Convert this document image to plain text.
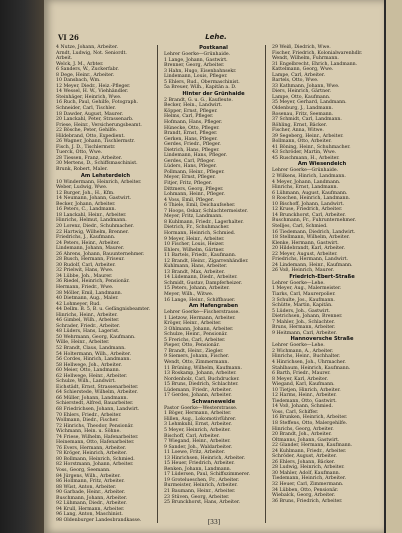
VI 26	Lehe.
4 Nutze, Johann, Arbeiter.
Arndt, Ludwig, Not. Seniordt.
Arbeit.
Welck, J. M., Arbter.
6 Sanders, W., Zuckerfabr.
8 Dege, Heinr., Arbeiter.
10 Dansbach, Wm.
12 Meyer, Diedr., Heiz.-Pfleger.
14 Wessel, H. W., Viehhändler.
Steinhäger, Heinrich, Wwe.
16 Ruch, Paul, Gehilfe, Fotograph.
Schneider, Carl, Tischler.
18 Dawder, August, Maurer.
20 Lanckahl, Peter, Strassenarb.
Friese, Heinr., Versicherungsbeamt.
22 Bösche, Peter, Gehilfe.
Hildebrand, Otto, Expedient.
26 Wagner, Johann, Tischlermstr.
Fisch, J. D., Tischlermstr.
Tuerck, Otto, Wwe.
28 Tiessen, Franz, Arbeiter.
30 Mertens, D., Schiffsmaschinist.
Brunk, Robert, Maler.
Am Lehsterdeich
10 Windermann, Heinrich, Arbeiter.
Weber, Ludwig, Wwe.
12 Burger, Joh., H., Kfm.
14 Neumann, Johann, Gastwirt.
Becker, Johann, Arbeiter.
16 Peters, C., Landmann.
18 Lanckahl, Heinr., Arbeiter.
Hinrichs, Helmut, Landmann.
20 Lorenz, Diedr., Schuhmacher.
22 Hartwig, Wilhelm, Brenner.
Friedrichs, J., Kaufmann.
24 Peters, Heinr., Arbeiter.
Lindemann, Johann, Maurer.
26 Ahrens, Johann, Bauunternehmer.
28 Busch, Hermann, Friseur.
30 Rudolf, Carl, Arbeiter.
32 Prielwit, Hans, Wwe.
34 Lübbe, Joh., Maurer.
36 Riedel, Heinrich, Pensionär.
Hermann, Friedr., Wwe.
38 Möller, Emil, Landmann.
40 Dietmann, Aug., Maler.
42 Lohmeyer, Rud.
44 Dellm. B. 5, B. u. Gefängnisbeamter.
Hinrichs, Heinr., Arbeiter.
46 Gimbel, Wilh., Arbeiter.
Schrader, Friedr., Arbeiter.
48 Lüders, Hans, Lagerist.
50 Wehrmann, Georg, Kaufmann.
Wille, Heinr., Arbeiter.
52 Brandt, Claus, Landmann.
54 Holtermann, Wilh., Arbeiter.
56 Cordes, Hinrich, Landmann.
58 Hellwege, Joh., Arbeiter.
60 Meier, Otto, Landmann.
62 Hellwege, Heinr., Arbeiter.
Schulze, Wilh., Landwirt.
Eichstädt, Ernst, Strassenarbeiter.
64 Schierstede, Wilhelm, Arbeiter.
66 Müller, Johann, Landmann.
Schierstedt, Alfred, Bauarbeiter.
68 Friedrichsen, Johann, Landwirt.
70 Ehlers, Friedr., Arbeiter.
Wollmann, Diedr., Fischer.
72 Hinrichs, Theodor, Pensionär.
Wichmann, Hein. u. Söhne.
74 Friese, Wilhelm, Hafenarbeiter.
Heinemann, Otto, Hafenarbeiter.
76 Evers, Hermann, Arbeiter.
78 Kröger, Heinrich, Arbeiter.
80 Bollmann, Heinrich, Schmied.
82 Horstmann, Johann, Arbeiter.
Voss, Georg, Seemann.
84 Jürgens, Wilh., Arbeiter.
86 Hollmann, Fritz, Arbeiter.
88 Wüst, Anton, Arbeiter.
90 Garbade, Heinr., Arbeiter.
Buschmann, Johann, Arbeiter.
92 Lühmann, Diedr., Arbeiter.
94 Krull, Hermann, Arbeiter.
96 Lang, Anton, Maschinist.
98 Oldenburger Landesbrandkasse.
Postkanal
Lehrer Goerke—Grünhaide.
1 Lange, Johann, Gastwirt.
Brenner, Georg, Arbeiter.
3 Hahn, Hugo, Eisenbahnsekr.
Lindemann, Louis, Pfleger.
5 Ehlers, Rud., Obermaschinist.
5a Breuer, Wilh., Kapitän a. D.
Hinter der Grünhaide
2 Brandt, G. u. G., Kaufleute.
Becker, Hein., Landwirt.
Köpper, Ernst, Pfleger.
Helms, Carl, Pfleger.
Hofmann, Hans, Pfleger.
Hünecke, Otto, Pfleger.
Brandt, Ernst, Pfleger.
Gerken, Hans, Pfleger.
Gerdes, Friedr., Pfleger.
Dietrich, Hans, Pfleger.
Lindemann, Hans, Pfleger.
Gerdes, Carl, Pfleger.
Lüders, Hans, Pfleger.
Pollmann, Heinr., Pfleger.
Meyer, Ernst, Pfleger.
Fitjer, Fritz, Pfleger.
Dittmers, Georg, Pfleger.
Lohmann, Heinr., Pfleger.
4 Voss, Emil, Pfleger.
6 Thiele, Emil, Deichaufseher.
7 Hoops, Oskar, Schlachtermeister.
Meyer, Fritz, Landmann.
8 Kuhlmann, Friedr., Lagerhalter.
Dietrich, Fr., Schuhmacher.
Hormann, Heinrich, Schmied.
9 Meyer, Heinr., Arbeiter.
10 Fischer, Louis, Heizer.
Ehlers, Wilhelm, Gärtner.
11 Bartels, Friedr., Kaufmann.
12 Brandt, Heinr., Zigarrenhändler.
Kuhlmann, Hans, Arbeiter.
13 Brandt, Max, Arbeiter.
14 Lüdemann, Diedr., Arbeiter.
Schmidt, Gustav, Dampferheizer.
15 Peters, Johann, Arbeiter.
Meyer, Wilh., Witwe.
16 Lange, Heinr., Schiffbauer.
Am Hafengraben
Lehrer Goerke—Fischerstrasse.
1 Lietzow, Hermann, Arbeiter.
Kröger, Heinr., Arbeiter.
3 Ohlmann, Johann, Arbeiter.
Schulze, Heinr., Pensionär.
5 Frerichs, Carl, Arbeiter.
Pieper, Otto, Pensionär.
7 Brandt, Heinr., Ziegler.
9 Siemers, Johann, Fischer.
Wendt, Otto, Zimmermann.
11 Brüning, Wilhelm, Kaufmann.
13 Roskamp, Johann, Arbeiter.
Nordenholz, Carl, Buchdrucker.
15 Bruns, Diedrich, Schlachter.
Lüdemann, Friedr., Arbeiter.
17 Gerdes, Johann, Arbeiter.
Schwaneweide
Pastor Goerke—Westerstrasse.
1 Böger, Hermann, Arbeiter.
Hillen, Aug., Lokomotivführer.
3 Lehmkuhl, Ernst, Arbeiter.
5 Meyer, Heinrich, Arbeiter.
Bischoff, Carl, Arbeiter.
7 Wiegand, Heinr., Arbeiter.
9 Sander, Joh., Waldarbeiter.
11 Loewe, Fritz, Arbeiter.
13 Hinrichsen, Heinrich, Arbeiter.
15 Heuer, Friedrich, Arbeiter.
Renken, Johann, Landmann.
17 Lüdersen, Paul, Schiffszimmerer.
19 Grotelueschen, Fr., Arbeiter.
Burmeister, Heinrich, Arbeiter.
21 Baumann, Heinr., Arbeiter.
23 Stüven, Georg, Arbeiter.
25 Brunckhorst, Hans, Arbeiter.
29 Weiß, Diedrich, Wwe.
Fischer, Friedrich, Kolonialwarenhdlr.
Wendt, Wilhelm, Fuhrmann.
31 Engelbrecht, Ehrich, Landmann.
Kattelmann, Georg, Wwe.
Lampe, Carl, Arbeiter.
Bartels, Otto, Wwe.
33 Kathmann, Johann, Wwe.
Diers, Heinrich, Gärtner.
Lampe, Otto, Kaufmann.
35 Meyer, Gerhard, Landmann.
Oldenburg, J., Landmann.
Rosenau, Fritz, Seemann.
37 Schmidt, Carl, Landmann.
Röhling, Ernst, Bäcker.
Fischer, Anna, Witwe.
39 Segeberg, Heinr., Arbeiter.
Bollmann, Otto, Arbeiter.
41 Böning, Heinr., Schuhmacher.
43 Schröder, Martin, Wwe.
45 Ruschmann, H., Arbeiter.
Am Wiesendeich
Lehrer Goerke—Grünhaide.
2 Wilkens, Hinrich, Landmann.
4 Meyer, Johann, Landmann.
Hinrichs, Ernst, Landmann.
6 Lühmann, August, Kaufmann.
8 Roschen, Heinrich, Landmann.
10 Bischoff, Johann, Landwirt.
12 Kruse, Friedrich, Arbeiter.
14 Brunckhorst, Carl, Arbeiter.
Buschmann, Fr., Fuhrunternehmer.
Stelljes, Carl, Schmied.
16 Tiedemann, Diedrich, Landwirt.
18 Stellmann, Wilhelm, Arbeiter.
Klenke, Hermann, Gastwirt.
20 Hildebrandt, Karl, Arbeiter.
22 Meyer, August, Arbeiter.
Friedrichs, Hermann, Landwirt.
24 Lindemann, Heinr., Kaufmann.
26 Voß, Heinrich, Maurer.
Friedrich-Ebert-Straße
Lehrer Goerke—Lehe.
1 Meyer, Aug., Malermeister.
Tiarks, Carl, Maurerpolier.
3 Schulte, Jos., Kaufmann.
Schütte, Martin, Kapitän.
5 Lüders, Joh., Gastwirt.
Dietrichsen, Johann, Brenner.
7 Mahler, Joh., Schlachter.
Bruns, Hermann, Arbeiter.
9 Heitmann, Carl, Arbeiter.
Hannoversche Straße
Lehrer Goerke—Lehe.
2 Wichmann, A., Arbeiter.
Hinrichs, Heinr., Buchhalter.
4 Hinrichsen, Joh., Uhrmacher.
Stahlbaum, Heinrich, Kaufmann.
6 Barth, Friedr., Maurer.
8 Meyer, Karl, Arbeiter.
Wiegand, Karl, Kaufmann.
10 Tietjen, Hinrich, Arbeiter.
12 Harms, Heinr., Arbeiter.
Tiedemann, Otto, Gastwirt.
14 Voß, Johann, Schmied.
Voss, Carl, Schiffer.
16 Brunken, Heinrich, Arbeiter.
18 Steffens, Otto, Malergehilfe.
Hinrichs, Georg, Arbeiter.
20 Brandt, Joh., Arbeiter.
Oltmanns, Johann, Gastwirt.
22 Glander, Hermann, Kaufmann.
24 Kuhlmann, Friedr., Arbeiter.
Schröder, August, Arbeiter.
26 Ehlers, Johann, Bäcker.
28 Ludwig, Heinrich, Arbeiter.
30 Mahler, Adolf, Kaufmann.
Tiedemann, Heinrich, Arbeiter.
32 Heuer, Carl, Zimmermann.
34 Lübben, Otto, Pensionär.
Wiebalck, Georg, Arbeiter.
36 Bruns, Friedrich, Arbeiter.
[33]
